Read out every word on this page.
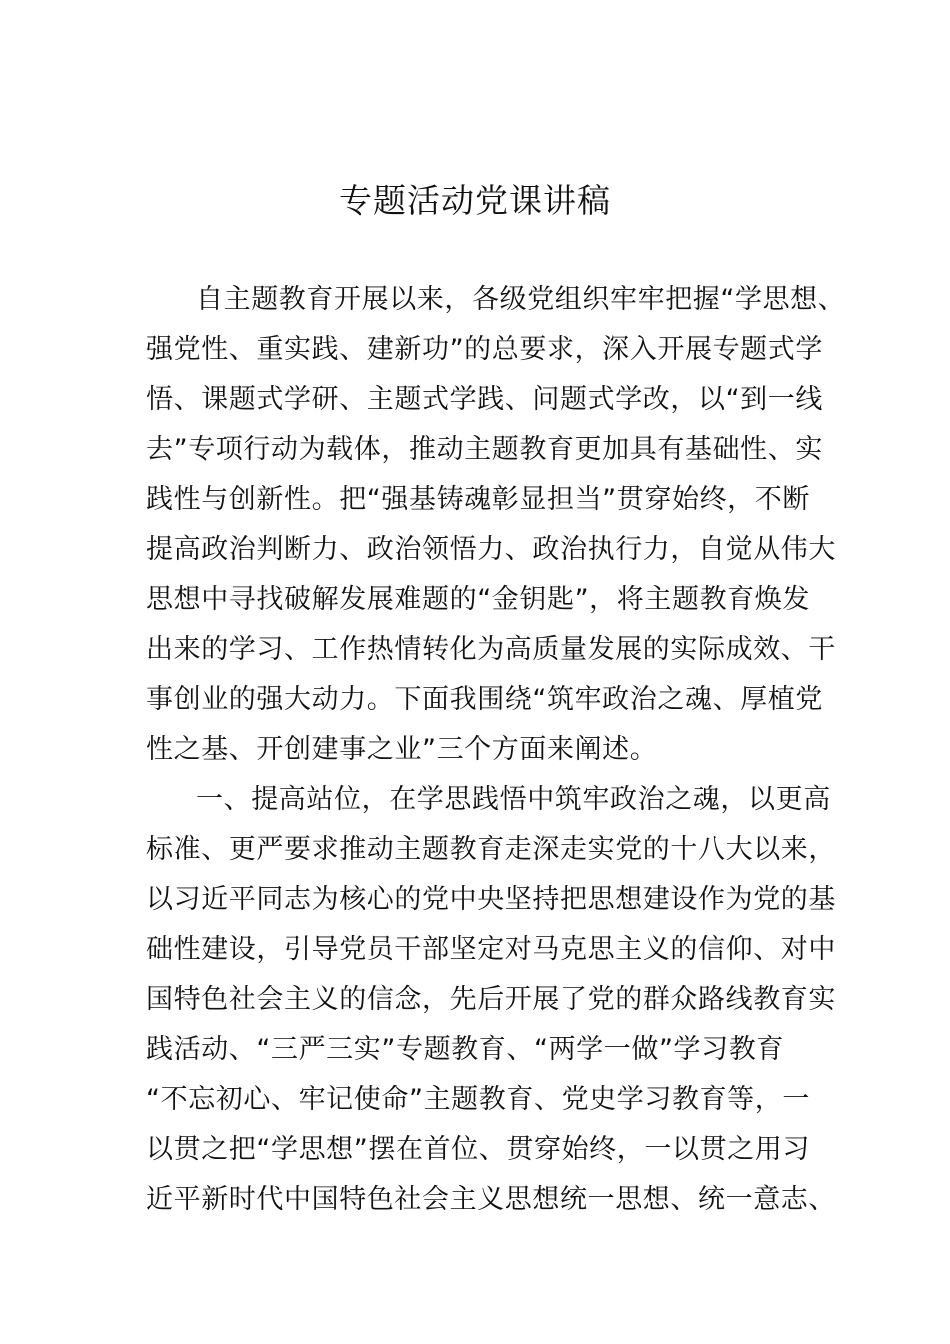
专题活动党课讲稿
自主题教育开展以来，各级党组织牢牢把握“学思想、
强党性、重实践、建新功”的总要求，深入开展专题式学
悟、课题式学研、主题式学践、问题式学改，以“到一线
去”专项行动为载体，推动主题教育更加具有基础性、实
践性与创新性。把“强基铸魂彰显担当”贯穿始终，不断
提高政治判断力、政治领悟力、政治执行力，自觉从伟大
思想中寻找破解发展难题的“金钥匙”，将主题教育焕发
出来的学习、工作热情转化为高质量发展的实际成效、干
事创业的强大动力。下面我围绕“筑牢政治之魂、厚植党
性之基、开创建事之业”三个方面来阐述。
一、提高站位，在学思践悟中筑牢政治之魂，以更高
标准、更严要求推动主题教育走深走实党的十八大以来，
以习近平同志为核心的党中央坚持把思想建设作为党的基
础性建设，引导党员干部坚定对马克思主义的信仰、对中
国特色社会主义的信念，先后开展了党的群众路线教育实
践活动、“三严三实”专题教育、“两学一做”学习教育
“不忘初心、牢记使命”主题教育、党史学习教育等，一
以贯之把“学思想”摆在首位、贯穿始终，一以贯之用习
近平新时代中国特色社会主义思想统一思想、统一意志、
